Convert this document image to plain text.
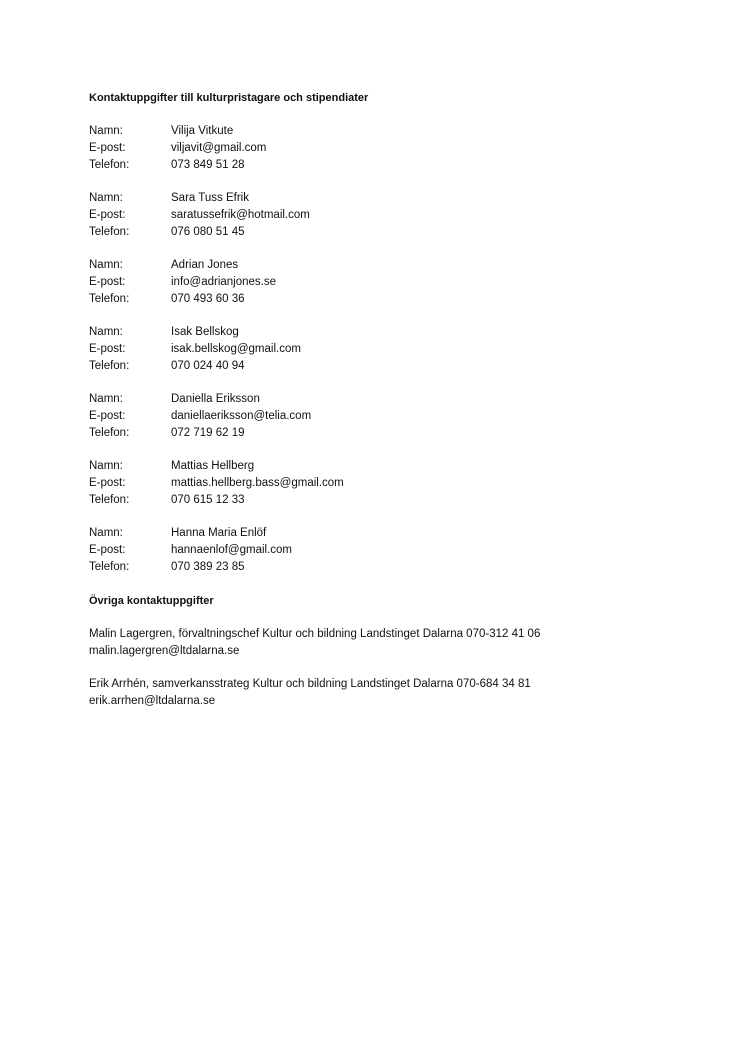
Kontaktuppgifter till kulturpristagare och stipendiater

Namn:	Vilija Vitkute
E-post:	viljavit@gmail.com
Telefon:	073 849 51 28
Namn:	Sara Tuss Efrik
E-post:	saratussefrik@hotmail.com
Telefon:	076 080 51 45
Namn:	Adrian Jones
E-post:	info@adrianjones.se
Telefon:	070 493 60 36
Namn:	Isak Bellskog
E-post:	isak.bellskog@gmail.com
Telefon:	070 024 40 94
Namn:	Daniella Eriksson
E-post:	daniellaeriksson@telia.com
Telefon:	072 719 62 19
Namn:	Mattias Hellberg
E-post:	mattias.hellberg.bass@gmail.com
Telefon:	070 615 12 33
Namn:	Hanna Maria Enlöf
E-post:	hannaenlof@gmail.com
Telefon:	070 389 23 85

Övriga kontaktuppgifter

Malin Lagergren, förvaltningschef Kultur och bildning Landstinget Dalarna 070-312 41 06
malin.lagergren@ltdalarna.se
Erik Arrhén, samverkansstrateg Kultur och bildning Landstinget Dalarna 070-684 34 81
erik.arrhen@ltdalarna.se
